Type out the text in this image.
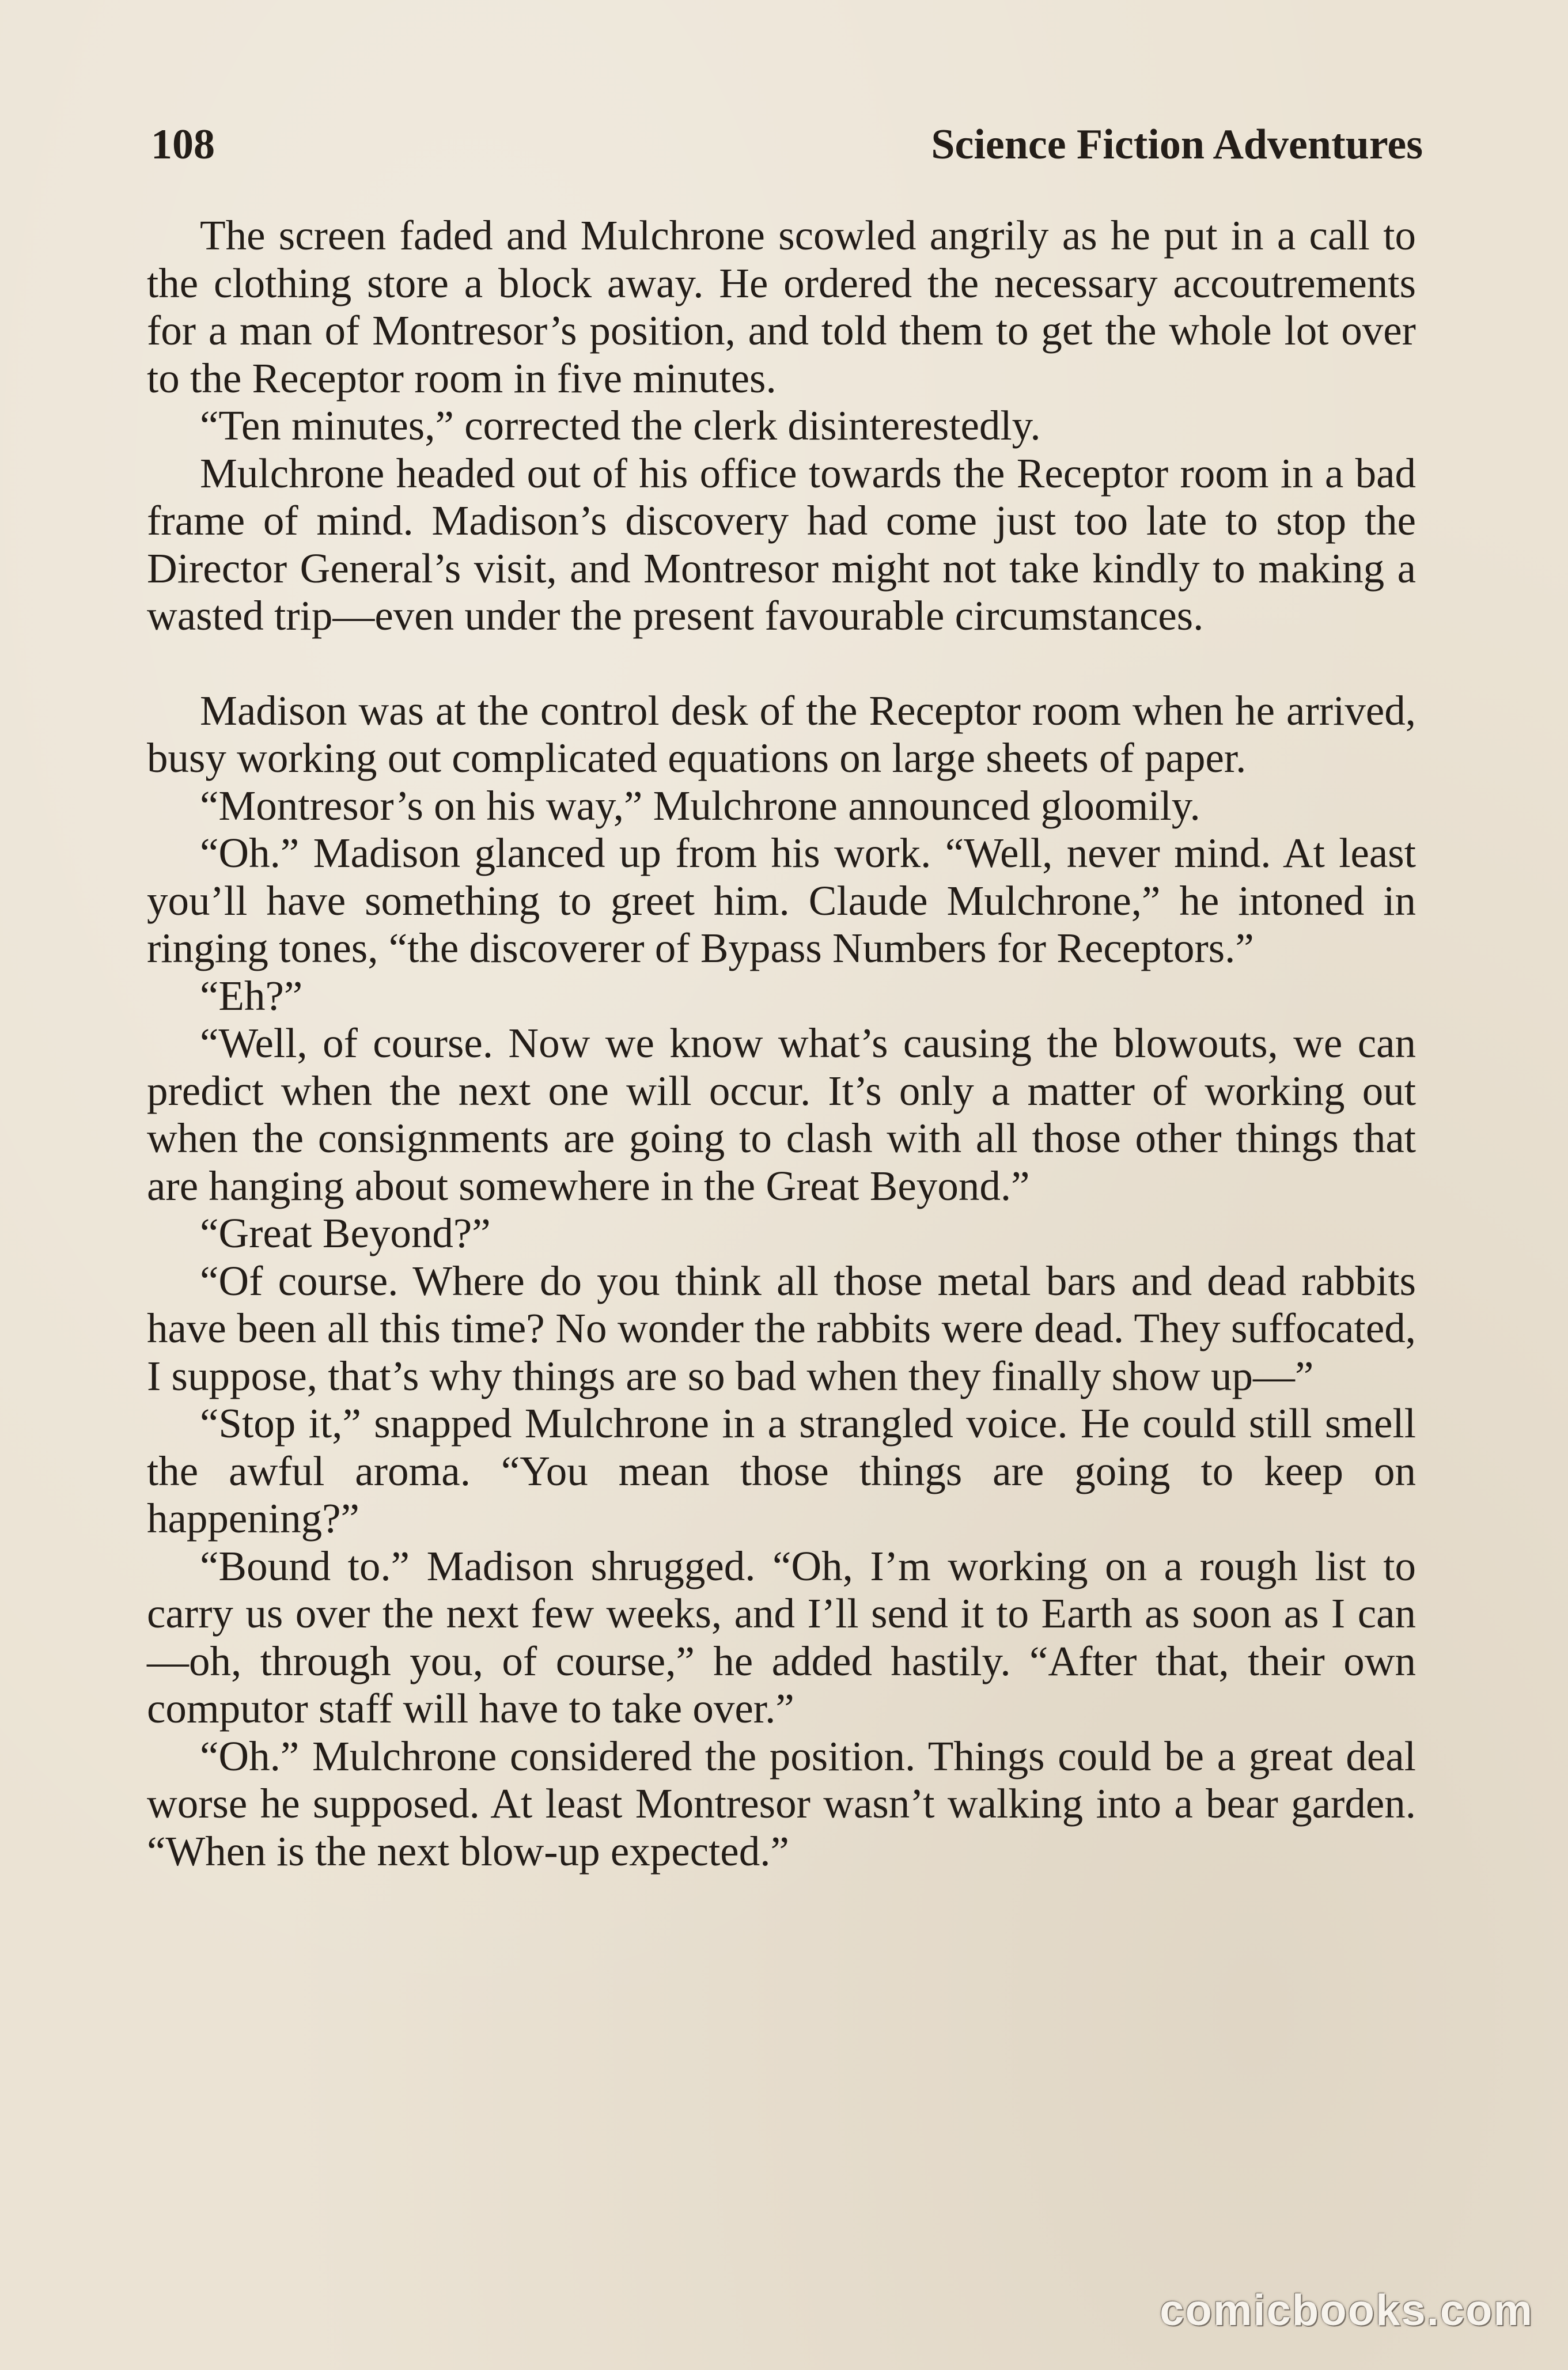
108	Science Fiction Adventures

The screen faded and Mulchrone scowled angrily as he put in a call to the clothing store a block away. He ordered the necessary accoutrements for a man of Montresor’s position, and told them to get the whole lot over to the Receptor room in five minutes.

“Ten minutes,” corrected the clerk disinterestedly.

Mulchrone headed out of his office towards the Receptor room in a bad frame of mind. Madison’s discovery had come just too late to stop the Director General’s visit, and Montresor might not take kindly to making a wasted trip—even under the present favourable circumstances.

Madison was at the control desk of the Receptor room when he arrived, busy working out complicated equations on large sheets of paper.

“Montresor’s on his way,” Mulchrone announced gloomily.

“Oh.” Madison glanced up from his work. “Well, never mind. At least you’ll have something to greet him. Claude Mulchrone,” he intoned in ringing tones, “the discoverer of Bypass Numbers for Receptors.”

“Eh?”

“Well, of course. Now we know what’s causing the blowouts, we can predict when the next one will occur. It’s only a matter of working out when the consignments are going to clash with all those other things that are hanging about somewhere in the Great Beyond.”

“Great Beyond?”

“Of course. Where do you think all those metal bars and dead rabbits have been all this time? No wonder the rabbits were dead. They suffocated, I suppose, that’s why things are so bad when they finally show up—”

“Stop it,” snapped Mulchrone in a strangled voice. He could still smell the awful aroma. “You mean those things are going to keep on happening?”

“Bound to.” Madison shrugged. “Oh, I’m working on a rough list to carry us over the next few weeks, and I’ll send it to Earth as soon as I can—oh, through you, of course,” he added hastily. “After that, their own computor staff will have to take over.”

“Oh.” Mulchrone considered the position. Things could be a great deal worse he supposed. At least Montresor wasn’t walking into a bear garden. “When is the next blow-up expected.”

comicbooks.com
